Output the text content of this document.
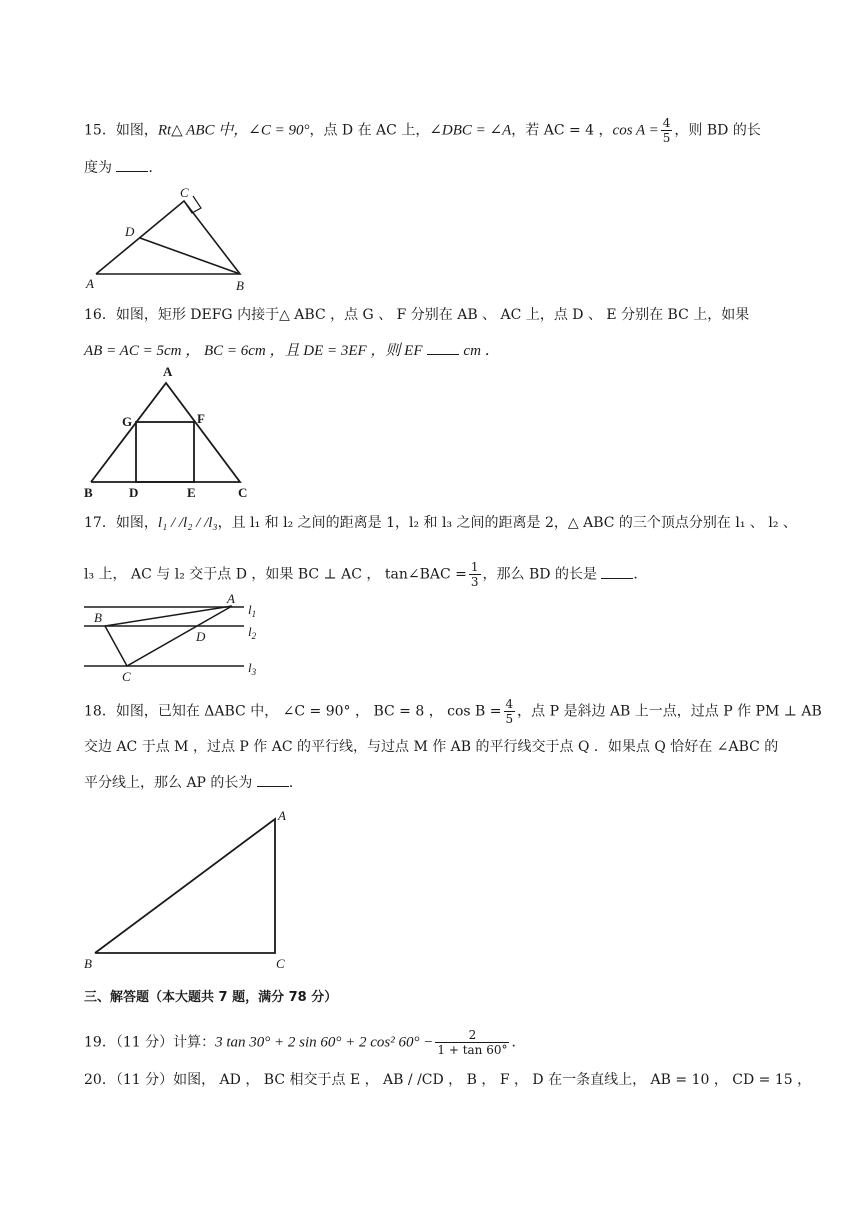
15．如图，Rt△ ABC 中，∠C = 90°，点 D 在 AC 上，∠DBC = ∠A，若 AC = 4 ，$\cos A = \frac{4}{5}$ ，则 BD 的长
度为	．
C
D
A	B
16．如图，矩形 DEFG 内接于△ ABC ，点 G 、 F 分别在 AB 、 AC 上，点 D 、 E 分别在 BC 上，如果
AB = AC = 5cm ， BC = 6cm ，且 DE = 3EF ，则 EF	cm ．
A
G	F
B	D	E	C
17．如图，l₁ / /l₂ / /l₃，且 l₁ 和 l₂ 之间的距离是 1，l₂ 和 l₃ 之间的距离是 2，△ ABC 的三个顶点分别在 l₁ 、 l₂ 、
l₃ 上， AC 与 l₂ 交于点 D ，如果 BC ⊥ AC ， tan∠BAC = $\frac{1}{3}$ ，那么 BD 的长是	．
A
B
D
C
$l_1$
$l_2$
$l_3$
18．如图，已知在 ΔABC 中， ∠C = 90° ， BC = 8 ， $\cos B = \frac{4}{5}$ ，点 P 是斜边 AB 上一点，过点 P 作 PM ⊥ AB
交边 AC 于点 M ，过点 P 作 AC 的平行线，与过点 M 作 AB 的平行线交于点 Q ．如果点 Q 恰好在 ∠ABC 的
平分线上，那么 AP 的长为	．
A
B	C
三、解答题（本大题共 7 题，满分 78 分）
19．（11 分）计算：3 tan 30° + 2 sin 60° + 2 cos² $60^\circ - \frac{2}{1 + \tan 60^\circ}$ ．
20．（11 分）如图， AD ， BC 相交于点 E ， AB / /CD ， B ， F ， D 在一条直线上， AB = 10 ， CD = 15 ，
